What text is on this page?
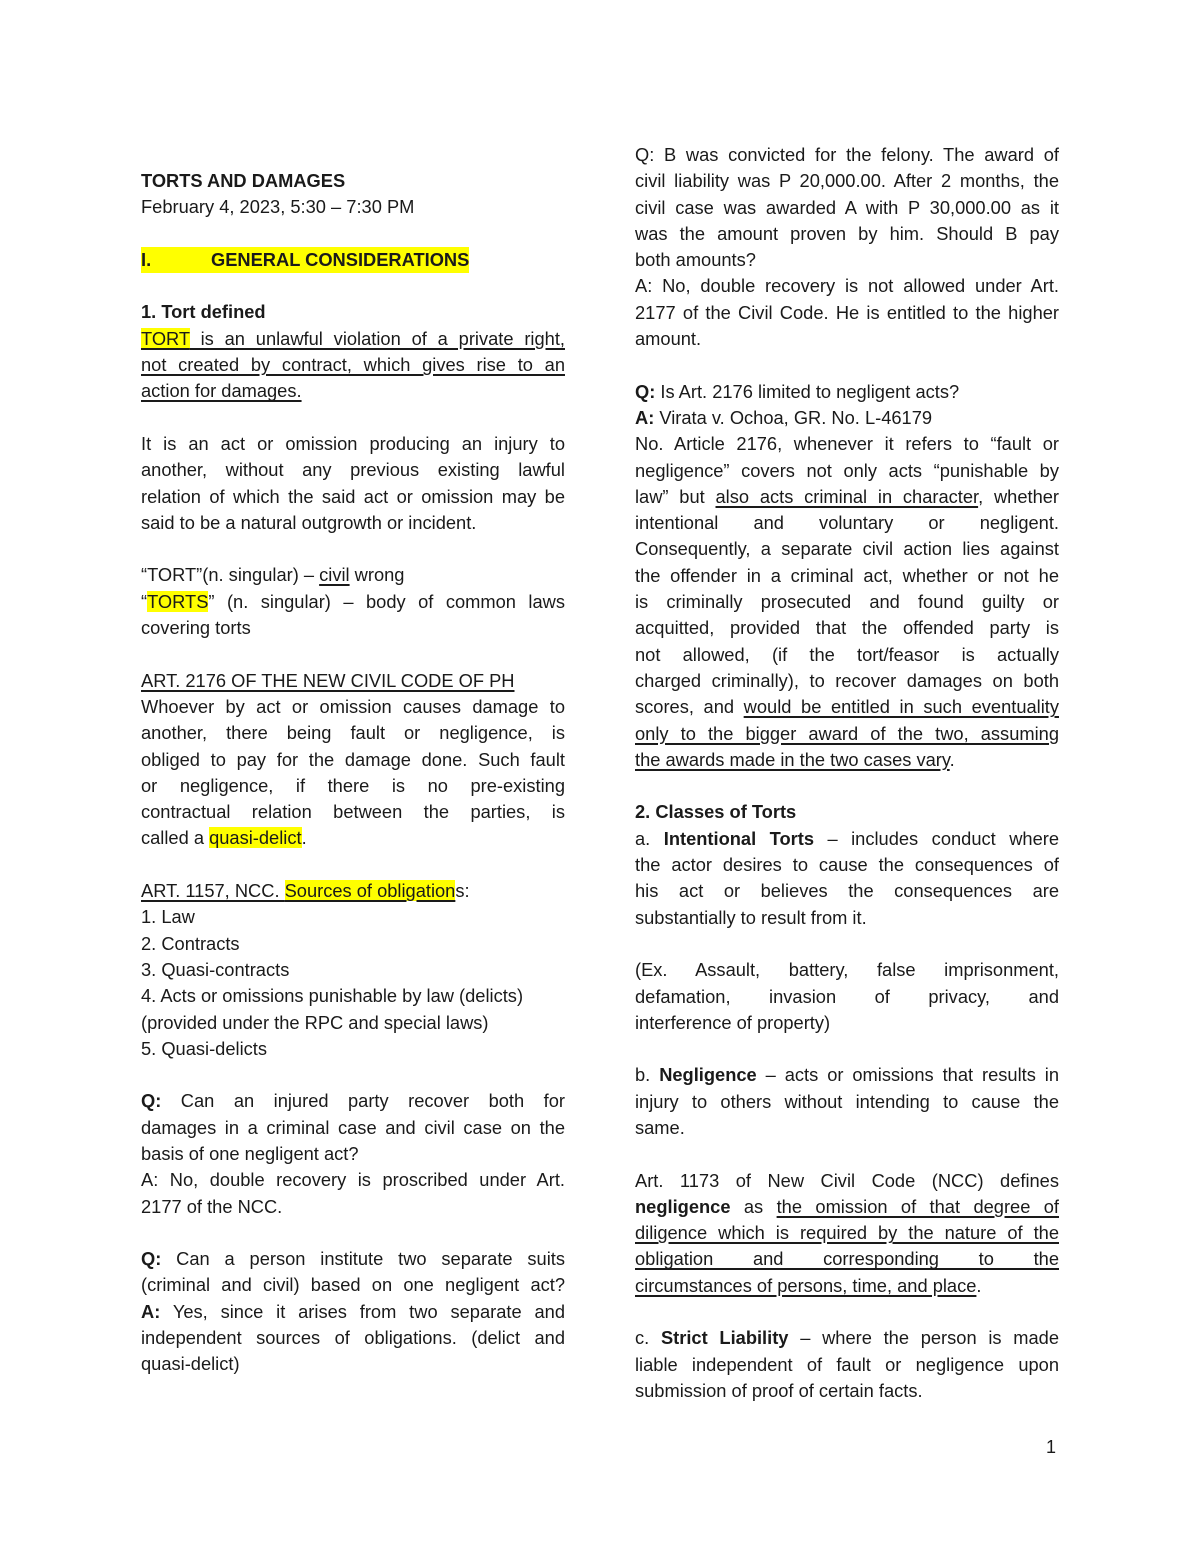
TORTS AND DAMAGES
February 4, 2023, 5:30 – 7:30 PM
I.	GENERAL CONSIDERATIONS
1. Tort defined
TORT is an unlawful violation of a private right,
not created by contract, which gives rise to an
action for damages.
It is an act or omission producing an injury to
another, without any previous existing lawful
relation of which the said act or omission may be
said to be a natural outgrowth or incident.
“TORT”(n. singular) – civil wrong
“TORTS” (n. singular) – body of common laws
covering torts
ART. 2176 OF THE NEW CIVIL CODE OF PH
Whoever by act or omission causes damage to
another, there being fault or negligence, is
obliged to pay for the damage done. Such fault
or negligence, if there is no pre-existing
contractual relation between the parties, is
called a quasi-delict.
ART. 1157, NCC. Sources of obligations:
1. Law
2. Contracts
3. Quasi-contracts
4. Acts or omissions punishable by law (delicts)
(provided under the RPC and special laws)
5. Quasi-delicts
Q: Can an injured party recover both for
damages in a criminal case and civil case on the
basis of one negligent act?
A: No, double recovery is proscribed under Art.
2177 of the NCC.
Q: Can a person institute two separate suits
(criminal and civil) based on one negligent act?
A: Yes, since it arises from two separate and
independent sources of obligations. (delict and
quasi-delict)
Q: B was convicted for the felony. The award of
civil liability was P 20,000.00. After 2 months, the
civil case was awarded A with P 30,000.00 as it
was the amount proven by him. Should B pay
both amounts?
A: No, double recovery is not allowed under Art.
2177 of the Civil Code. He is entitled to the higher
amount.
Q: Is Art. 2176 limited to negligent acts?
A: Virata v. Ochoa, GR. No. L-46179
No. Article 2176, whenever it refers to “fault or
negligence” covers not only acts “punishable by
law” but also acts criminal in character, whether
intentional and voluntary or negligent.
Consequently, a separate civil action lies against
the offender in a criminal act, whether or not he
is criminally prosecuted and found guilty or
acquitted, provided that the offended party is
not allowed, (if the tort/feasor is actually
charged criminally), to recover damages on both
scores, and would be entitled in such eventuality
only to the bigger award of the two, assuming
the awards made in the two cases vary.
2. Classes of Torts
a. Intentional Torts – includes conduct where
the actor desires to cause the consequences of
his act or believes the consequences are
substantially to result from it.
(Ex. Assault, battery, false imprisonment,
defamation, invasion of privacy, and
interference of property)
b. Negligence – acts or omissions that results in
injury to others without intending to cause the
same.
Art. 1173 of New Civil Code (NCC) defines
negligence as the omission of that degree of
diligence which is required by the nature of the
obligation and corresponding to the
circumstances of persons, time, and place.
c. Strict Liability – where the person is made
liable independent of fault or negligence upon
submission of proof of certain facts.
1
